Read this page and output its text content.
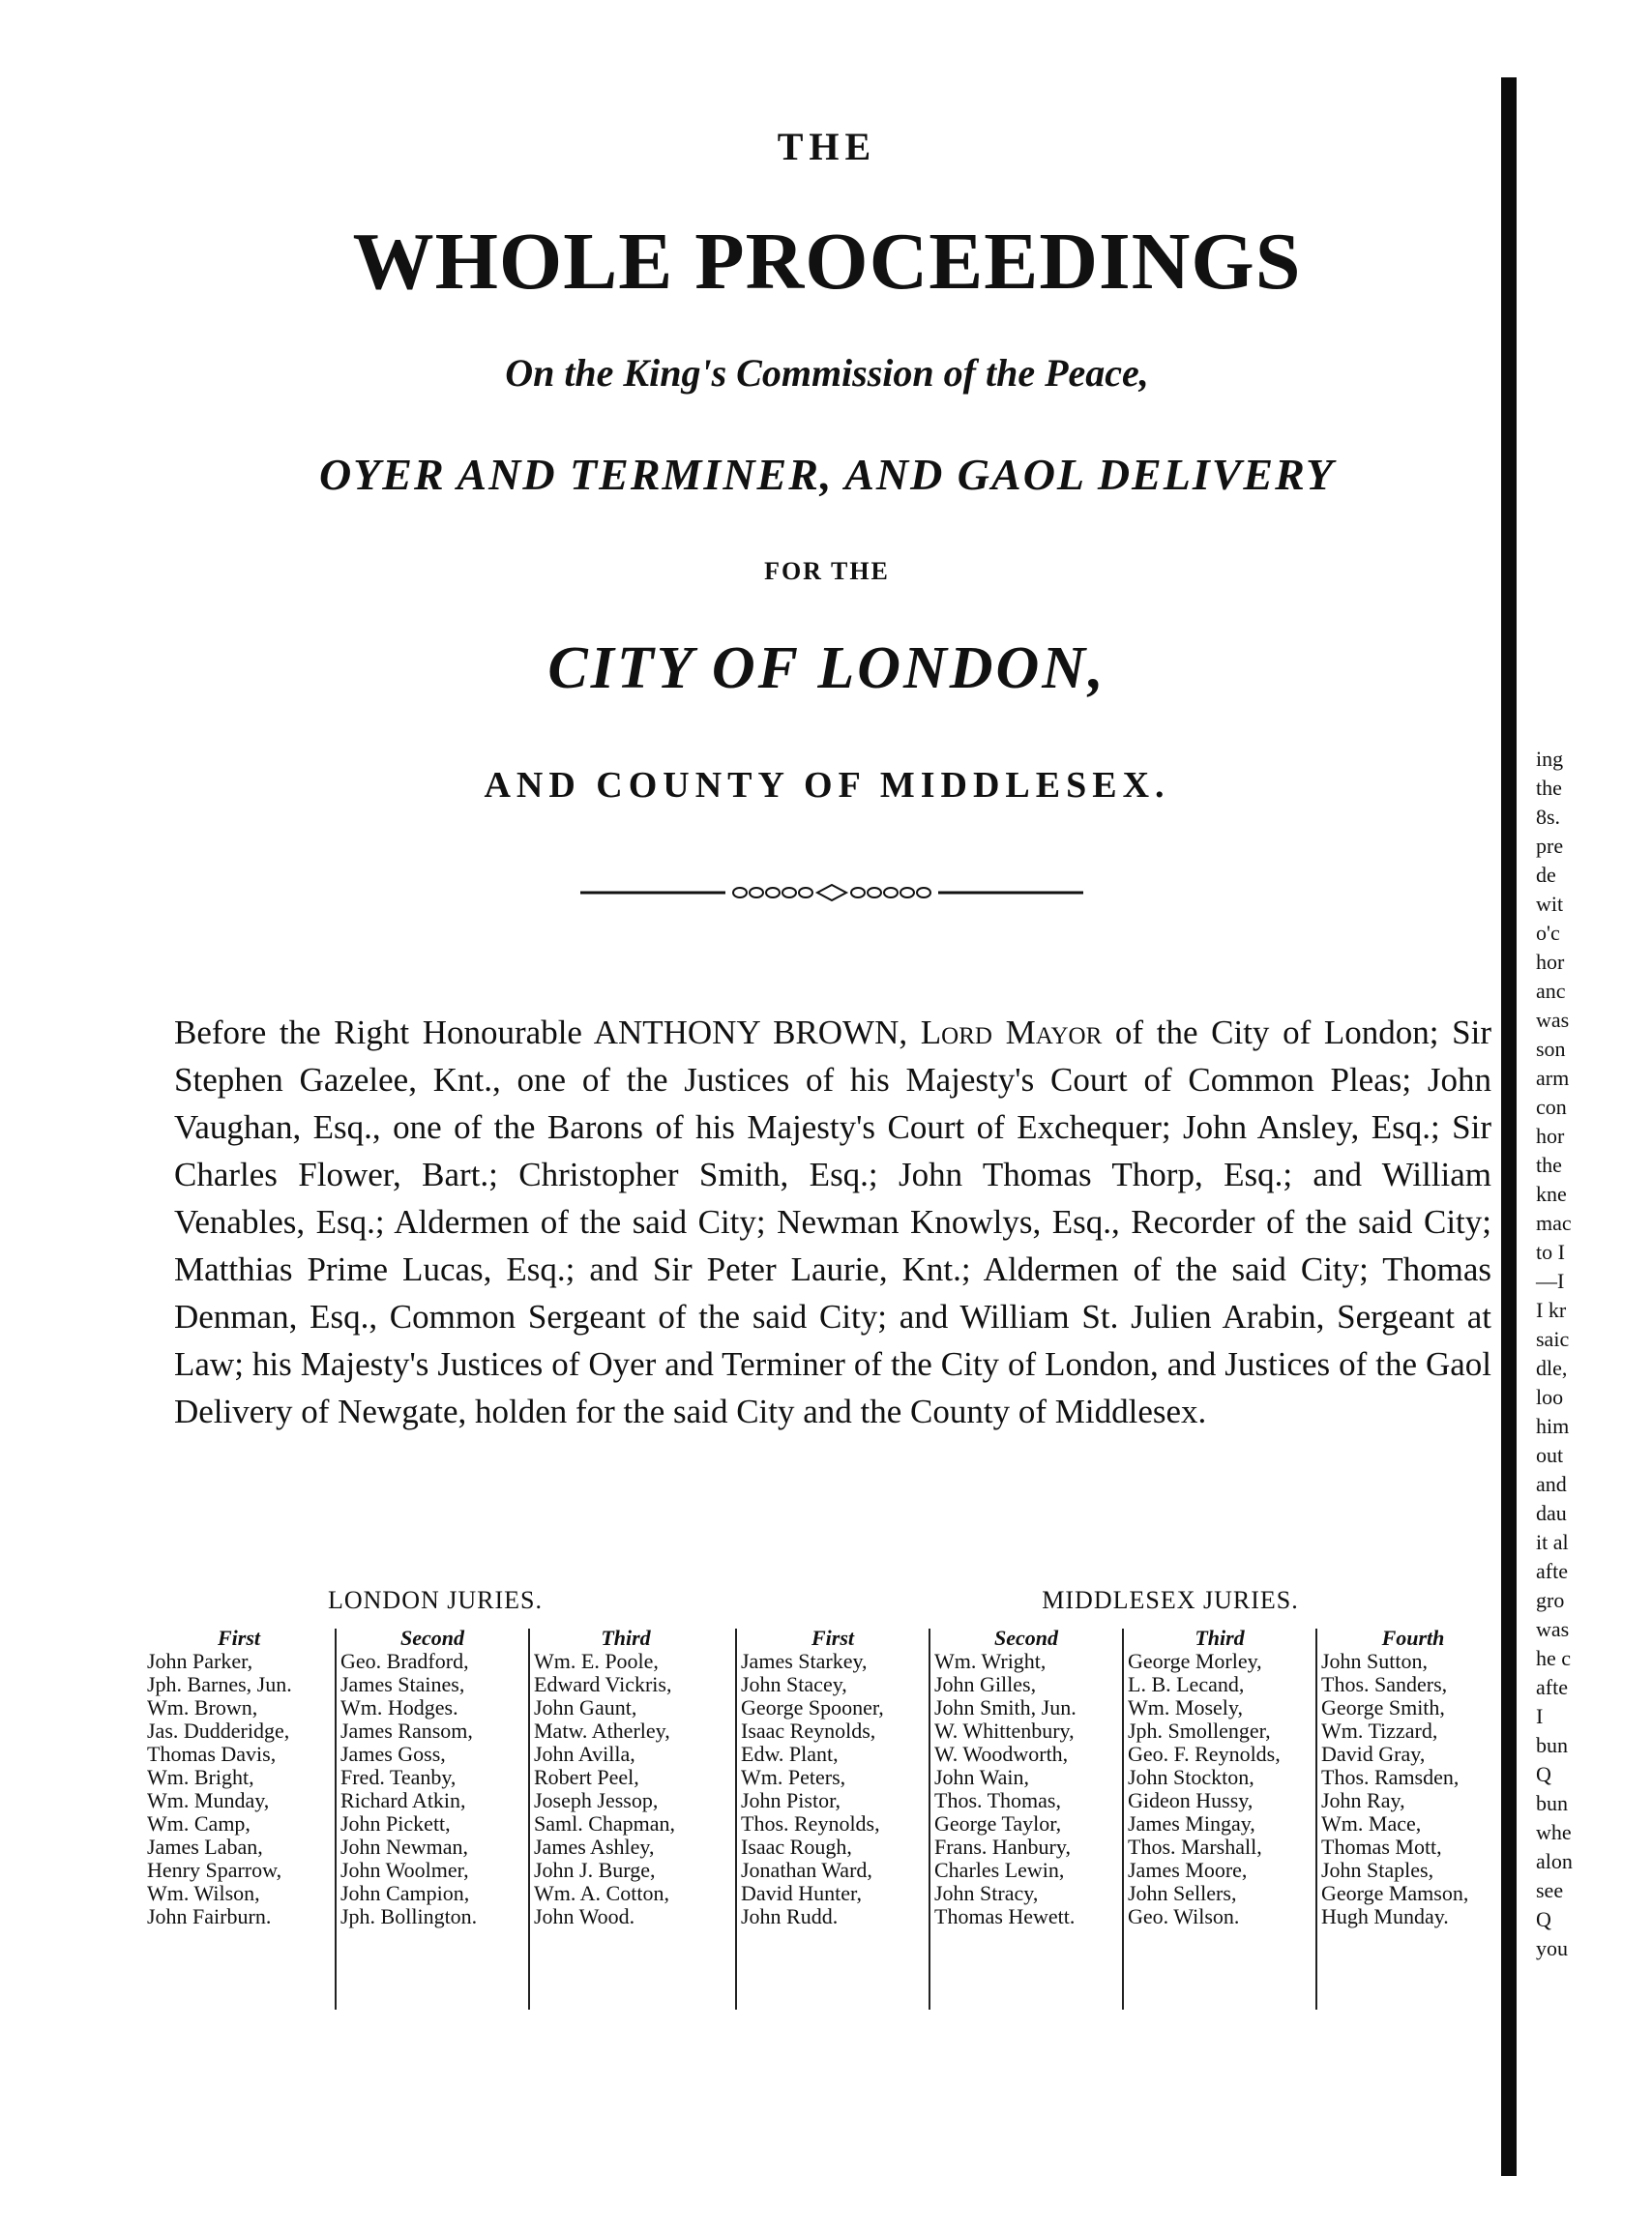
THE
WHOLE PROCEEDINGS
On the King's Commission of the Peace,
OYER AND TERMINER, AND GAOL DELIVERY
FOR THE
CITY OF LONDON,
AND COUNTY OF MIDDLESEX.

Before the Right Honourable ANTHONY BROWN, Lord Mayor of the City of London; Sir Stephen Gazelee, Knt., one of the Justices of his Majesty's Court of Common Pleas; John Vaughan, Esq., one of the Barons of his Majesty's Court of Exchequer; John Ansley, Esq.; Sir Charles Flower, Bart.; Christopher Smith, Esq.; John Thomas Thorp, Esq.; and William Venables, Esq.; Aldermen of the said City; Newman Knowlys, Esq., Recorder of the said City; Matthias Prime Lucas, Esq.; and Sir Peter Laurie, Knt.; Aldermen of the said City; Thomas Denman, Esq., Common Sergeant of the said City; and William St. Julien Arabin, Sergeant at Law; his Majesty's Justices of Oyer and Terminer of the City of London, and Justices of the Gaol Delivery of Newgate, holden for the said City and the County of Middlesex.

LONDON JURIES.	MIDDLESEX JURIES.
First
John Parker,
Jph. Barnes, Jun.
Wm. Brown,
Jas. Dudderidge,
Thomas Davis,
Wm. Bright,
Wm. Munday,
Wm. Camp,
James Laban,
Henry Sparrow,
Wm. Wilson,
John Fairburn.
Second
Geo. Bradford,
James Staines,
Wm. Hodges.
James Ransom,
James Goss,
Fred. Teanby,
Richard Atkin,
John Pickett,
John Newman,
John Woolmer,
John Campion,
Jph. Bollington.
Third
Wm. E. Poole,
Edward Vickris,
John Gaunt,
Matw. Atherley,
John Avilla,
Robert Peel,
Joseph Jessop,
Saml. Chapman,
James Ashley,
John J. Burge,
Wm. A. Cotton,
John Wood.
First
James Starkey,
John Stacey,
George Spooner,
Isaac Reynolds,
Edw. Plant,
Wm. Peters,
John Pistor,
Thos. Reynolds,
Isaac Rough,
Jonathan Ward,
David Hunter,
John Rudd.
Second
Wm. Wright,
John Gilles,
John Smith, Jun.
W. Whittenbury,
W. Woodworth,
John Wain,
Thos. Thomas,
George Taylor,
Frans. Hanbury,
Charles Lewin,
John Stracy,
Thomas Hewett.
Third
George Morley,
L. B. Lecand,
Wm. Mosely,
Jph. Smollenger,
Geo. F. Reynolds,
John Stockton,
Gideon Hussy,
James Mingay,
Thos. Marshall,
James Moore,
John Sellers,
Geo. Wilson.
Fourth
John Sutton,
Thos. Sanders,
George Smith,
Wm. Tizzard,
David Gray,
Thos. Ramsden,
John Ray,
Wm. Mace,
Thomas Mott,
John Staples,
George Mamson,
Hugh Munday.
ing
the
8s.
pre
de
wit
o'c
hor
anc
was
son
arm
con
hor
the
kne
mac
to I
—I
I kr
saic
dle,
loo
him
out
and
dau
it al
afte
gro
was
he c
afte
I
bun
Q
bun
whe
alon
see
Q
you
